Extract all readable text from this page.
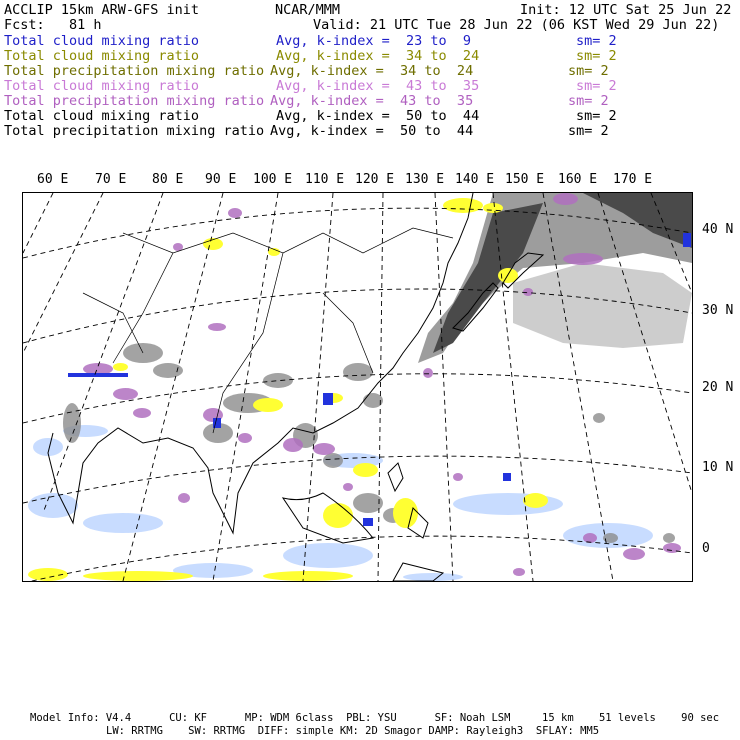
ACCLIP 15km ARW-GFS init	NCAR/MMM	Init: 12 UTC Sat 25 Jun 22
Fcst:   81 h	Valid: 21 UTC Tue 28 Jun 22 (06 KST Wed 29 Jun 22)
Total cloud mixing ratio	Avg, k-index =  23 to  9	sm= 2
Total cloud mixing ratio	Avg, k-index =  34 to  24	sm= 2
Total precipitation mixing ratio Avg, k-index =  34 to  24	sm= 2
Total cloud mixing ratio	Avg, k-index =  43 to  35	sm= 2
Total precipitation mixing ratio Avg, k-index =  43 to  35	sm= 2
Total cloud mixing ratio	Avg, k-index =  50 to  44	sm= 2
Total precipitation mixing ratio Avg, k-index =  50 to  44	sm= 2
60 E 70 E 80 E 90 E 100 E 110 E 120 E 130 E 140 E 150 E 160 E 170 E
40 N
30 N
20 N
10 N
0
Model Info: V4.4      CU: KF      MP: WDM 6class  PBL: YSU      SF: Noah LSM     15 km    51 levels    90 sec
LW: RRTMG    SW: RRTMG  DIFF: simple KM: 2D Smagor DAMP: Rayleigh3  SFLAY: MM5
